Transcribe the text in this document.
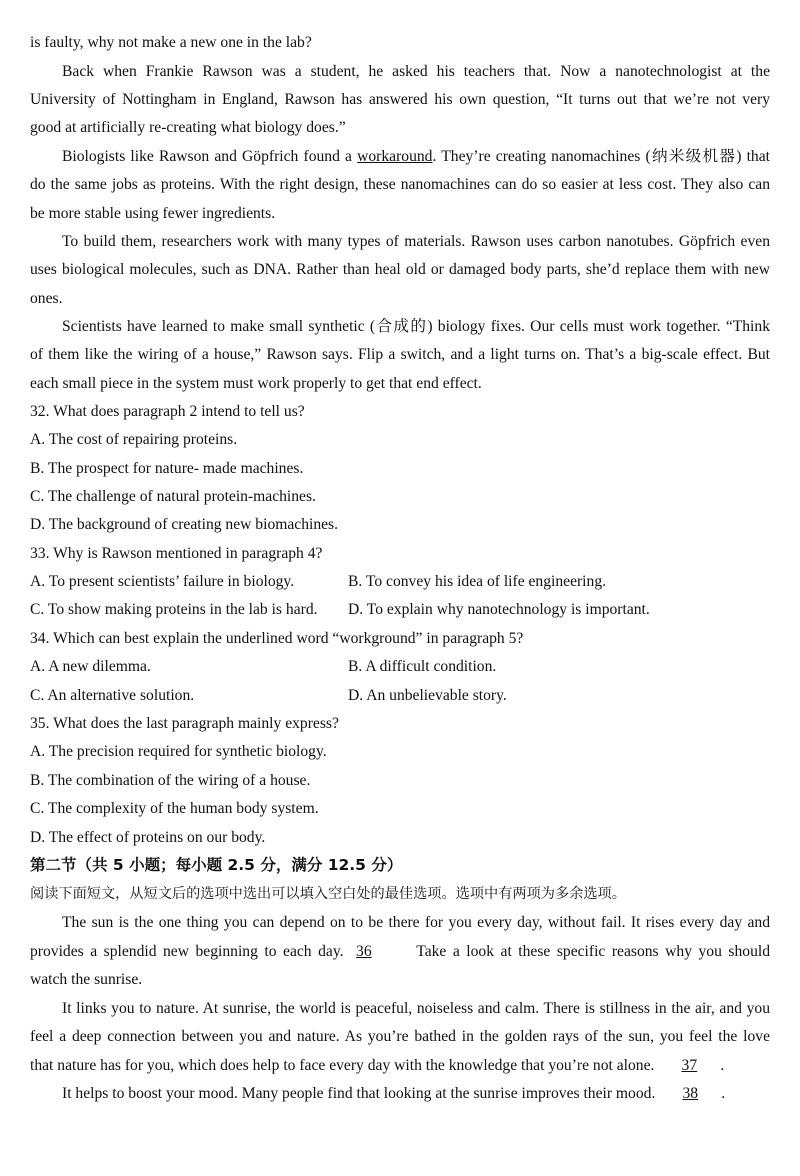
is faulty, why not make a new one in the lab?
Back when Frankie Rawson was a student, he asked his teachers that. Now a nanotechnologist at the
University of Nottingham in England, Rawson has answered his own question, “It turns out that we’re not very
good at artificially re-creating what biology does.”
Biologists like Rawson and Göpfrich found a workaround. They’re creating nanomachines (纳米级机器) that
do the same jobs as proteins. With the right design, these nanomachines can do so easier at less cost. They also can
be more stable using fewer ingredients.
To build them, researchers work with many types of materials. Rawson uses carbon nanotubes. Göpfrich even
uses biological molecules, such as DNA. Rather than heal old or damaged body parts, she’d replace them with new
ones.
Scientists have learned to make small synthetic (合成的) biology fixes. Our cells must work together. “Think
of them like the wiring of a house,” Rawson says. Flip a switch, and a light turns on. That’s a big-scale effect. But
each small piece in the system must work properly to get that end effect.
32. What does paragraph 2 intend to tell us?
A. The cost of repairing proteins.
B. The prospect for nature- made machines.
C. The challenge of natural protein-machines.
D. The background of creating new biomachines.
33. Why is Rawson mentioned in paragraph 4?
A. To present scientists’ failure in biology.	B. To convey his idea of life engineering.
C. To show making proteins in the lab is hard. D. To explain why nanotechnology is important.
34. Which can best explain the underlined word “workground” in paragraph 5?
A. A new dilemma.	B. A difficult condition.
C. An alternative solution.	D. An unbelievable story.
35. What does the last paragraph mainly express?
A. The precision required for synthetic biology.
B. The combination of the wiring of a house.
C. The complexity of the human body system.
D. The effect of proteins on our body.
第二节（共 5 小题；每小题 2.5 分，满分 12.5 分）
阅读下面短文，从短文后的选项中选出可以填入空白处的最佳选项。选项中有两项为多余选项。
The sun is the one thing you can depend on to be there for you every day, without fail. It rises every day and
provides a splendid new beginning to each day. 36 Take a look at these specific reasons why you should
watch the sunrise.
It links you to nature. At sunrise, the world is peaceful, noiseless and calm. There is stillness in the air, and you
feel a deep connection between you and nature. As you’re bathed in the golden rays of the sun, you feel the love
that nature has for you, which does help to face every day with the knowledge that you’re not alone. 37 .
It helps to boost your mood. Many people find that looking at the sunrise improves their mood. 38 .
